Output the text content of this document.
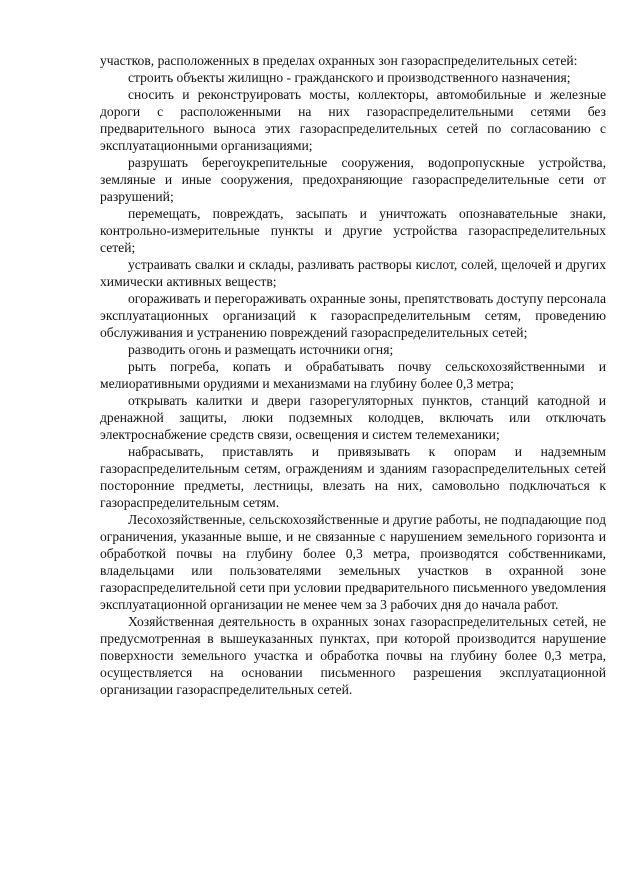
участков, расположенных в пределах охранных зон газораспределительных сетей:

строить объекты жилищно - гражданского и производственного назначения;

сносить и реконструировать мосты, коллекторы, автомобильные и железные дороги с расположенными на них газораспределительными сетями без предварительного выноса этих газораспределительных сетей по согласованию с эксплуатационными организациями;

разрушать берегоукрепительные сооружения, водопропускные устройства, земляные и иные сооружения, предохраняющие газораспределительные сети от разрушений;

перемещать, повреждать, засыпать и уничтожать опознавательные знаки, контрольно-измерительные пункты и другие устройства газораспределительных сетей;

устраивать свалки и склады, разливать растворы кислот, солей, щелочей и других химически активных веществ;

огораживать и перегораживать охранные зоны, препятствовать доступу персонала эксплуатационных организаций к газораспределительным сетям, проведению обслуживания и устранению повреждений газораспределительных сетей;

разводить огонь и размещать источники огня;

рыть погреба, копать и обрабатывать почву сельскохозяйственными и мелиоративными орудиями и механизмами на глубину более 0,3 метра;

открывать калитки и двери газорегуляторных пунктов, станций катодной и дренажной защиты, люки подземных колодцев, включать или отключать электроснабжение средств связи, освещения и систем телемеханики;

набрасывать, приставлять и привязывать к опорам и надземным газораспределительным сетям, ограждениям и зданиям газораспределительных сетей посторонние предметы, лестницы, влезать на них, самовольно подключаться к газораспределительным сетям.

Лесохозяйственные, сельскохозяйственные и другие работы, не подпадающие под ограничения, указанные выше, и не связанные с нарушением земельного горизонта и обработкой почвы на глубину более 0,3 метра, производятся собственниками, владельцами или пользователями земельных участков в охранной зоне газораспределительной сети при условии предварительного письменного уведомления эксплуатационной организации не менее чем за 3 рабочих дня до начала работ.

Хозяйственная деятельность в охранных зонах газораспределительных сетей, не предусмотренная в вышеуказанных пунктах, при которой производится нарушение поверхности земельного участка и обработка почвы на глубину более 0,3 метра, осуществляется на основании письменного разрешения эксплуатационной организации газораспределительных сетей.
